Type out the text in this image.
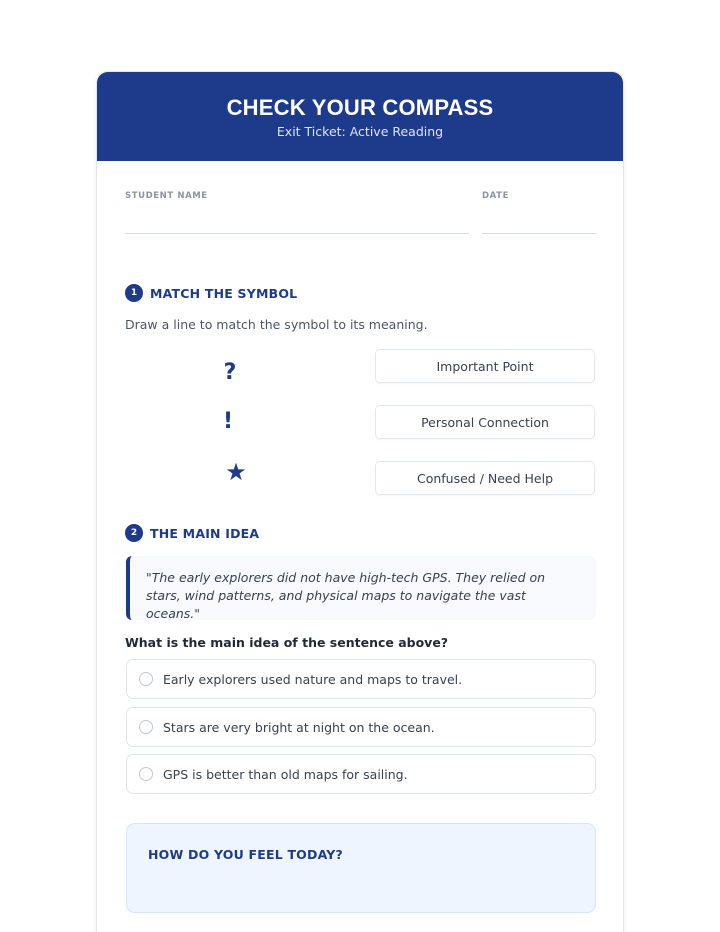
CHECK YOUR COMPASS
Exit Ticket: Active Reading
STUDENT NAME	DATE
1	MATCH THE SYMBOL
Draw a line to match the symbol to its meaning.
?
!
★
Important Point
Personal Connection
Confused / Need Help
2	THE MAIN IDEA
"The early explorers did not have high-tech GPS. They relied on stars, wind patterns, and physical maps to navigate the vast oceans."
What is the main idea of the sentence above?
Early explorers used nature and maps to travel.
Stars are very bright at night on the ocean.
GPS is better than old maps for sailing.
HOW DO YOU FEEL TODAY?
